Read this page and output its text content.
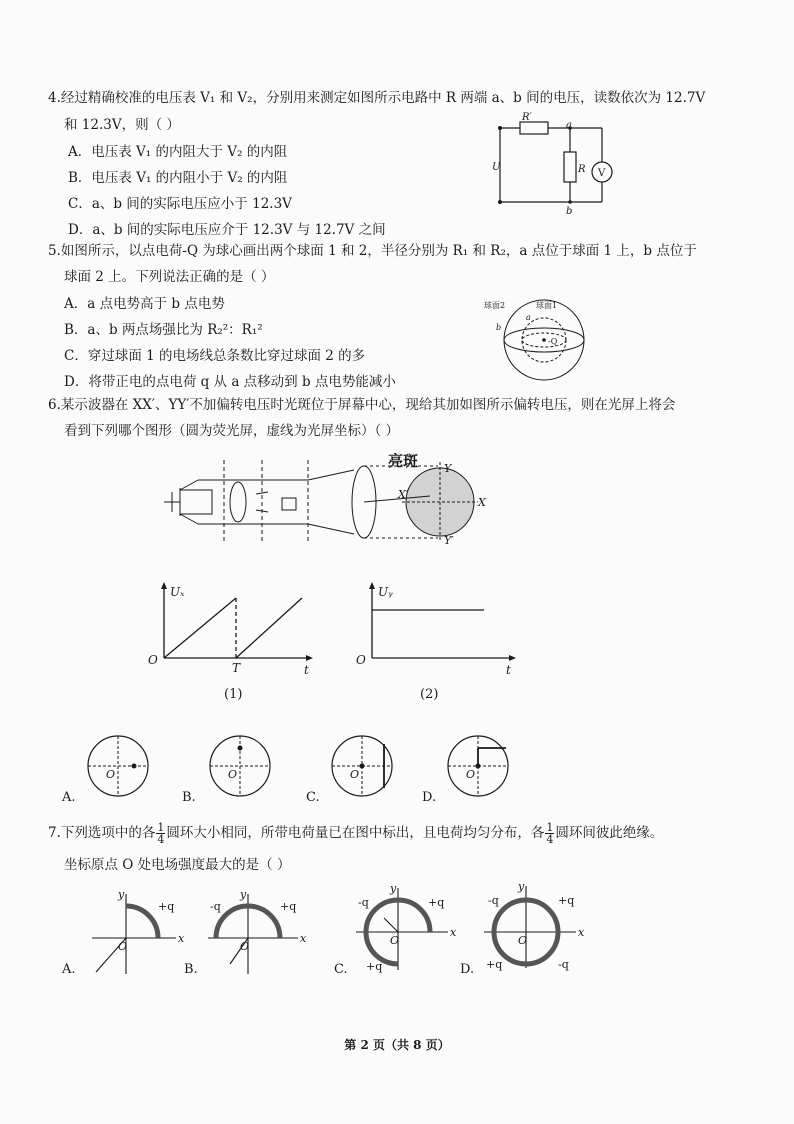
4.经过精确校准的电压表 V₁ 和 V₂，分别用来测定如图所示电路中 R 两端 a、b 间的电压，读数依次为 12.7V
和 12.3V，则（ ）
A．电压表 V₁ 的内阻大于 V₂ 的内阻
B．电压表 V₁ 的内阻小于 V₂ 的内阻
C．a、b 间的实际电压应小于 12.3V
D．a、b 间的实际电压应介于 12.3V 与 12.7V 之间
R′
a
b
U	R V
5.如图所示，以点电荷-Q 为球心画出两个球面 1 和 2，半径分别为 R₁ 和 R₂，a 点位于球面 1 上，b 点位于
球面 2 上。下列说法正确的是（ ）
A．a 点电势高于 b 点电势
B．a、b 两点场强比为 R₂²：R₁²
C．穿过球面 1 的电场线总条数比穿过球面 2 的多
D．将带正电的点电荷 q 从 a 点移动到 b 点电势能减小
球面2	球面1
a
b
-Q
6.某示波器在 XX′、YY′不加偏转电压时光斑位于屏幕中心，现给其加如图所示偏转电压，则在光屏上将会
看到下列哪个图形（圆为荧光屏，虚线为光屏坐标）（ ）
亮斑 Y
X′
X
Y′
Uₓ
O
T	t
(1)
Uᵧ
O
t
(2)
A.
O
B.
O
C.
O
D.
O
7.下列选项中的各 $\frac{1}{4}$ 圆环大小相同，所带电荷量已在图中标出，且电荷均匀分布，各 $\frac{1}{4}$ 圆环间彼此绝缘。
坐标原点 O 处电场强度最大的是（ ）
A.
y
x
O
+q
B.
y
x
O
+q
-q
C.
y
x
O
+q
-q
+q	D.
y
x
O
+q
-q
+q	-q
第 2 页（共 8 页）
